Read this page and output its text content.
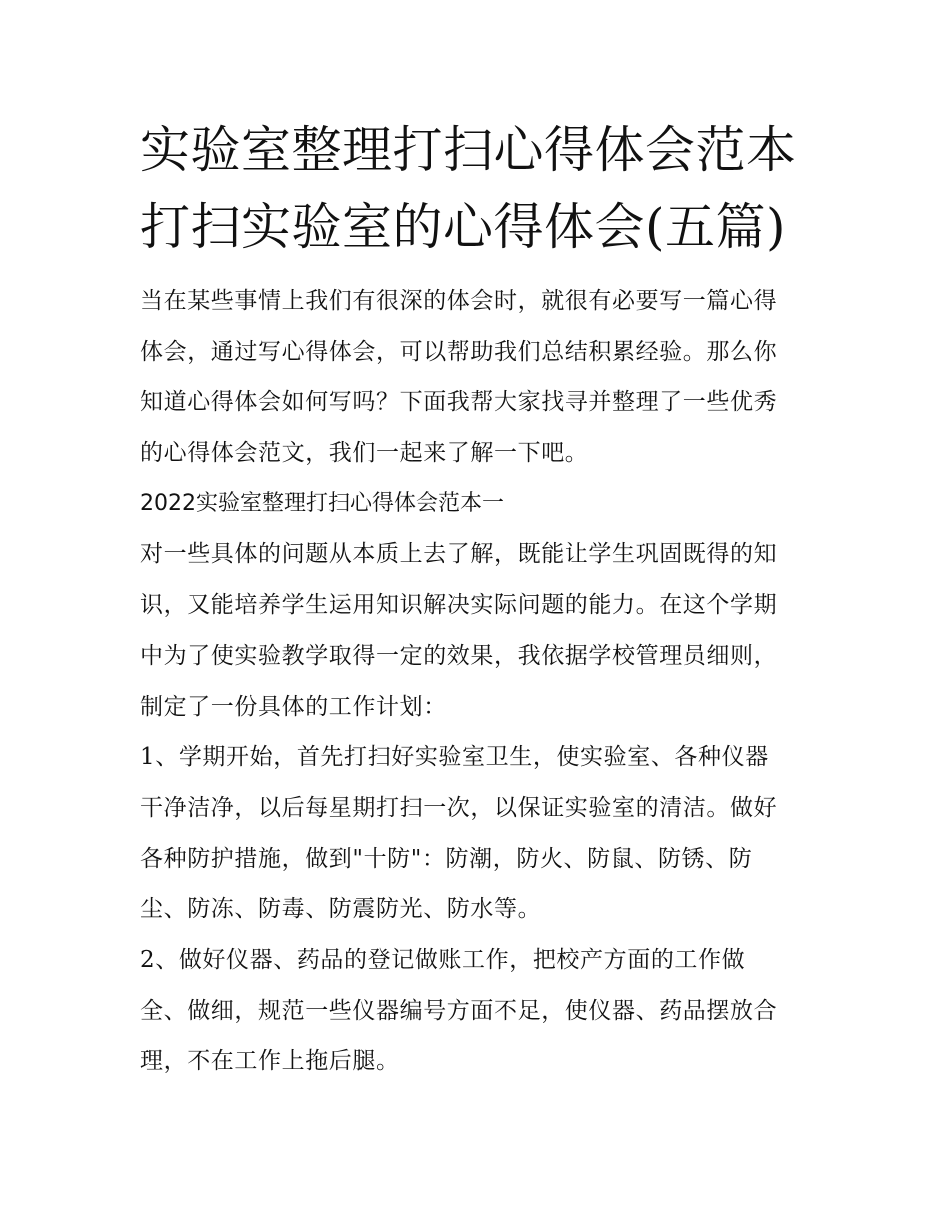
实验室整理打扫心得体会范本
打扫实验室的心得体会(五篇)
当在某些事情上我们有很深的体会时，就很有必要写一篇心得
体会，通过写心得体会，可以帮助我们总结积累经验。那么你
知道心得体会如何写吗？下面我帮大家找寻并整理了一些优秀
的心得体会范文，我们一起来了解一下吧。
2022实验室整理打扫心得体会范本一
对一些具体的问题从本质上去了解，既能让学生巩固既得的知
识，又能培养学生运用知识解决实际问题的能力。在这个学期
中为了使实验教学取得一定的效果，我依据学校管理员细则，
制定了一份具体的工作计划：
1、学期开始，首先打扫好实验室卫生，使实验室、各种仪器
干净洁净，以后每星期打扫一次，以保证实验室的清洁。做好
各种防护措施，做到"十防"：防潮，防火、防鼠、防锈、防
尘、防冻、防毒、防震防光、防水等。
2、做好仪器、药品的登记做账工作，把校产方面的工作做
全、做细，规范一些仪器编号方面不足，使仪器、药品摆放合
理，不在工作上拖后腿。
